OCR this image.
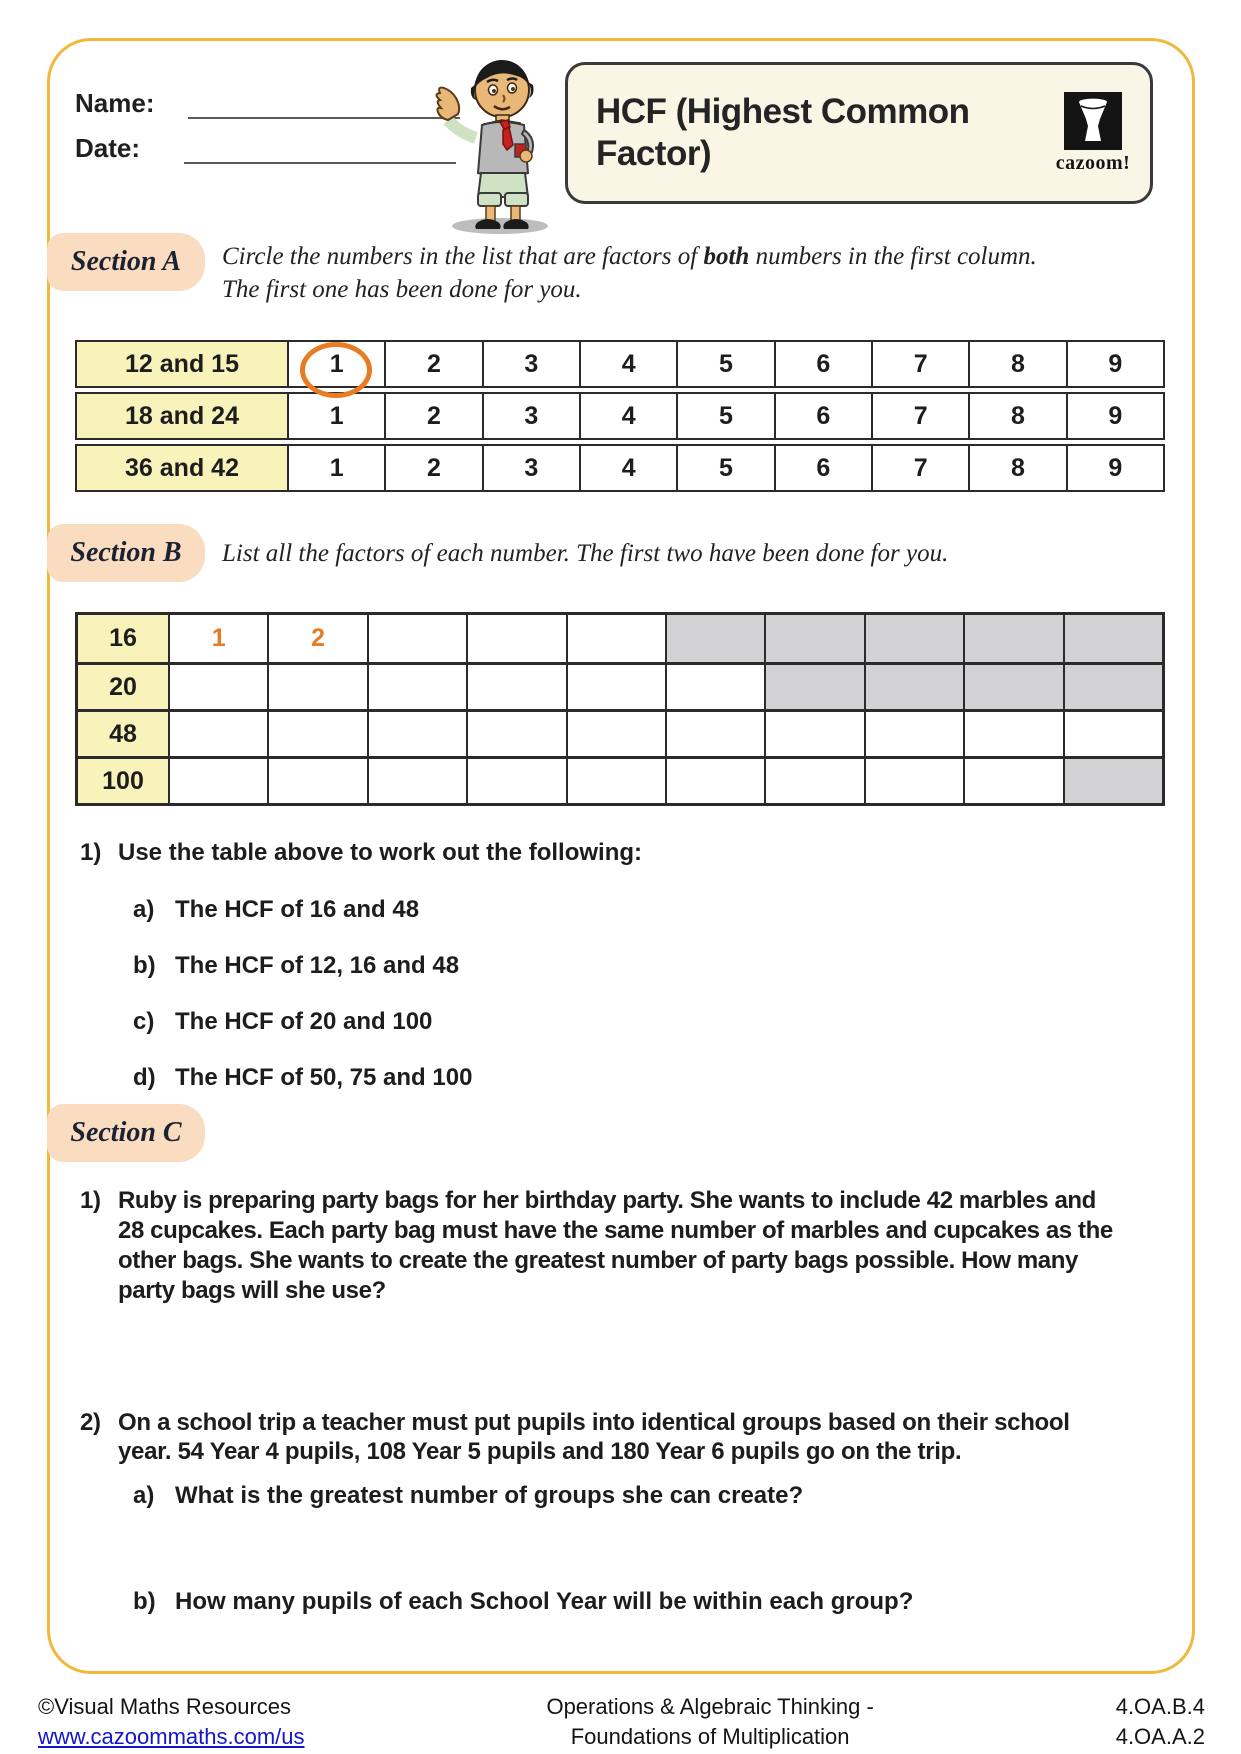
Name:
Date:
HCF (Highest Common Factor)	cazoom!
Section A Circle the numbers in the list that are factors of both numbers in the first column.
The first one has been done for you.
12 and 15	1	2	3	4	5	6	7	8	9
18 and 24	1	2	3	4	5	6	7	8	9
36 and 42	1	2	3	4	5	6	7	8	9
Section B List all the factors of each number. The first two have been done for you.
16	1	2
20
48
100
1) Use the table above to work out the following:
a) The HCF of 16 and 48
b) The HCF of 12, 16 and 48
c) The HCF of 20 and 100
d) The HCF of 50, 75 and 100
Section C
1) Ruby is preparing party bags for her birthday party. She wants to include 42 marbles and 28 cupcakes. Each party bag must have the same number of marbles and cupcakes as the other bags. She wants to create the greatest number of party bags possible. How many party bags will she use?
2) On a school trip a teacher must put pupils into identical groups based on their school year. 54 Year 4 pupils, 108 Year 5 pupils and 180 Year 6 pupils go on the trip.
a) What is the greatest number of groups she can create?
b) How many pupils of each School Year will be within each group?
©Visual Maths Resources
www.cazoommaths.com/us
Operations & Algebraic Thinking -
Foundations of Multiplication
4.OA.B.4
4.OA.A.2
